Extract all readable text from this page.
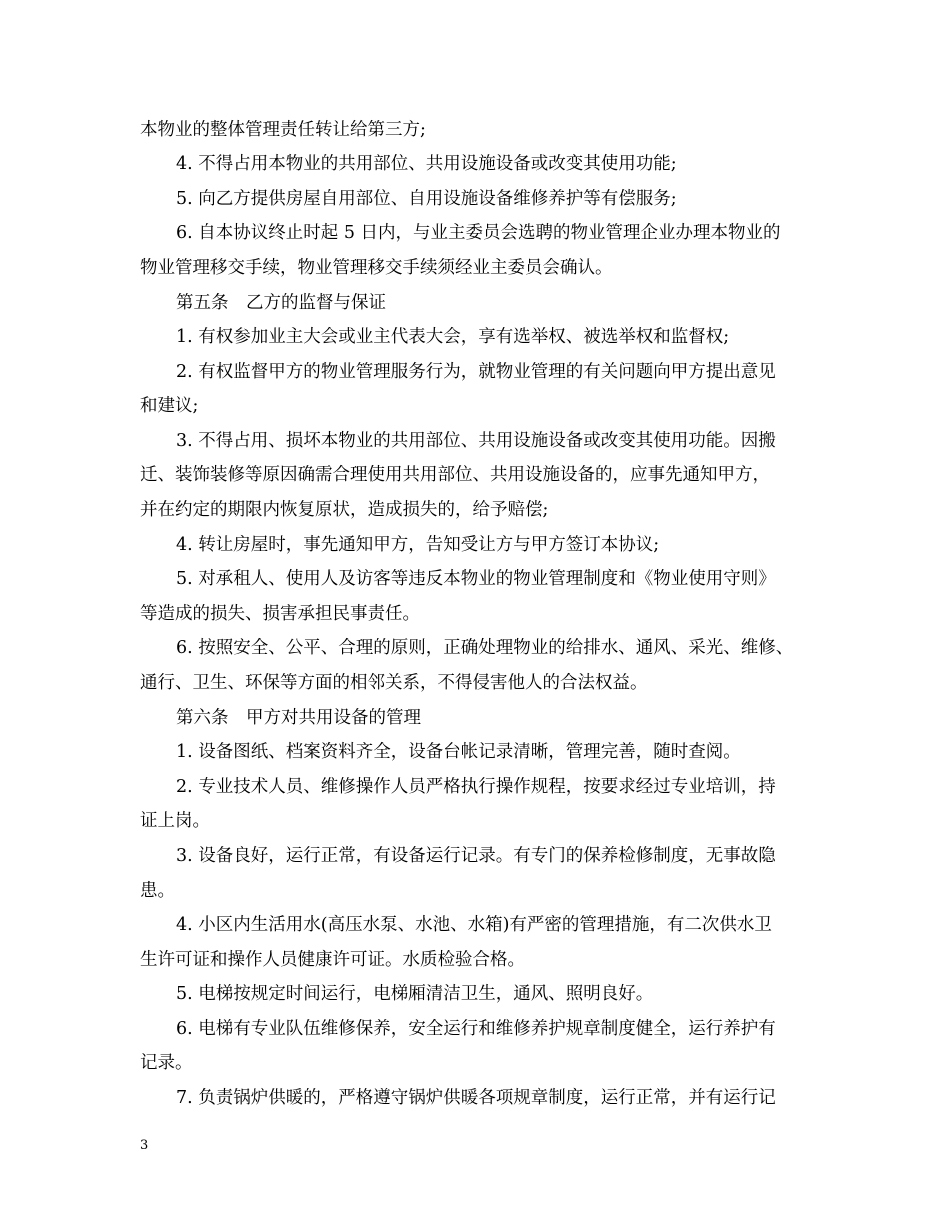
本物业的整体管理责任转让给第三方;
4. 不得占用本物业的共用部位、共用设施设备或改变其使用功能;
5. 向乙方提供房屋自用部位、自用设施设备维修养护等有偿服务;
6. 自本协议终止时起 5 日内，与业主委员会选聘的物业管理企业办理本物业的
物业管理移交手续，物业管理移交手续须经业主委员会确认。
第五条　乙方的监督与保证
1. 有权参加业主大会或业主代表大会，享有选举权、被选举权和监督权;
2. 有权监督甲方的物业管理服务行为，就物业管理的有关问题向甲方提出意见
和建议;
3. 不得占用、损坏本物业的共用部位、共用设施设备或改变其使用功能。因搬
迁、装饰装修等原因确需合理使用共用部位、共用设施设备的，应事先通知甲方，
并在约定的期限内恢复原状，造成损失的，给予赔偿;
4. 转让房屋时，事先通知甲方，告知受让方与甲方签订本协议;
5. 对承租人、使用人及访客等违反本物业的物业管理制度和《物业使用守则》
等造成的损失、损害承担民事责任。
6. 按照安全、公平、合理的原则，正确处理物业的给排水、通风、采光、维修、
通行、卫生、环保等方面的相邻关系，不得侵害他人的合法权益。
第六条　甲方对共用设备的管理
1. 设备图纸、档案资料齐全，设备台帐记录清晰，管理完善，随时查阅。
2. 专业技术人员、维修操作人员严格执行操作规程，按要求经过专业培训，持
证上岗。
3. 设备良好，运行正常，有设备运行记录。有专门的保养检修制度，无事故隐
患。
4. 小区内生活用水(高压水泵、水池、水箱)有严密的管理措施，有二次供水卫
生许可证和操作人员健康许可证。水质检验合格。
5. 电梯按规定时间运行，电梯厢清洁卫生，通风、照明良好。
6. 电梯有专业队伍维修保养，安全运行和维修养护规章制度健全，运行养护有
记录。
7. 负责锅炉供暖的，严格遵守锅炉供暖各项规章制度，运行正常，并有运行记
3
